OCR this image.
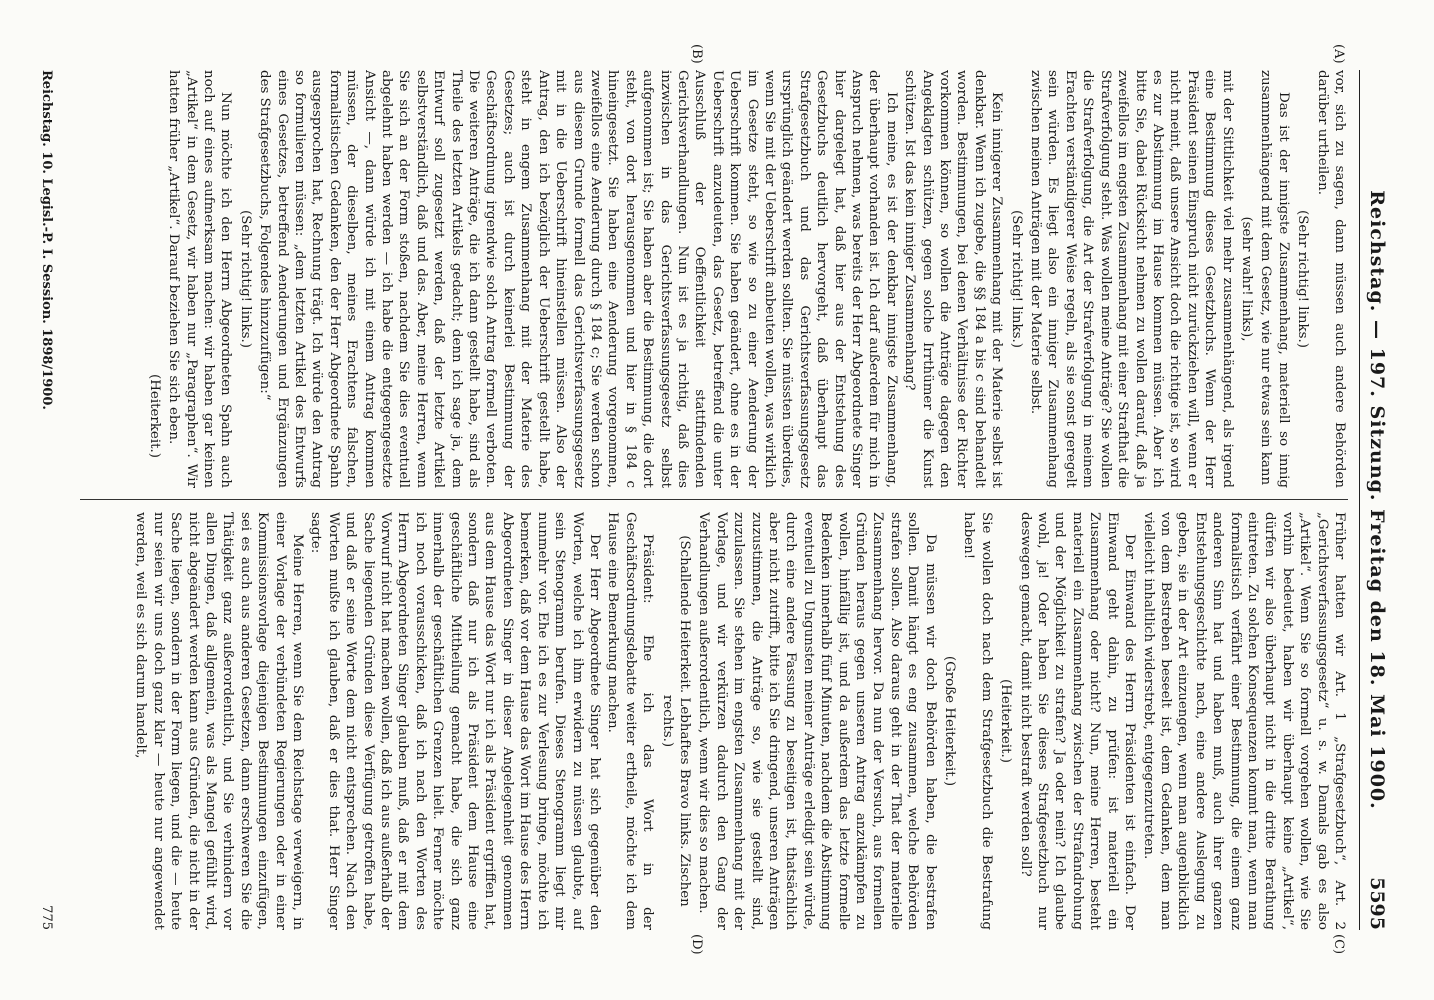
Reichstag. — 197. Sitzung. Freitag den 18. Mai 1900.
5595
(A)
(B)
(C)
(D)

vor, sich zu sagen, dann müssen auch andere Behörden darüber urtheilen.

(Sehr richtig! links.)

Das ist der innigste Zusammenhang, materiell so innig zusammenhängend mit dem Gesetz, wie nur etwas sein kann

(sehr wahr! links),

mit der Sittlichkeit viel mehr zusammenhängend, als irgend eine Bestimmung dieses Gesetzbuchs. Wenn der Herr Präsident seinen Einspruch nicht zurückziehen will, wenn er nicht meint, daß unsere Ansicht doch die richtige ist, so wird es zur Abstimmung im Hause kommen müssen. Aber ich bitte Sie, dabei Rücksicht nehmen zu wollen darauf, daß ja zweifellos im engsten Zusammenhang mit einer Strafthat die Strafverfolgung steht. Was wollen meine Anträge? Sie wollen die Strafverfolgung, die Art der Strafverfolgung in meinem Erachten verständigerer Weise regeln, als sie sonst geregelt sein würden. Es liegt also ein inniger Zusammenhang zwischen meinen Anträgen mit der Materie selbst.

(Sehr richtig! links.)

Kein innigerer Zusammenhang mit der Materie selbst ist denkbar. Wenn ich zugebe, die §§ 184 a bis c sind behandelt worden. Bestimmungen, bei denen Verhältnisse der Richter vorkommen können, so wollen die Anträge dagegen den Angeklagten schützen, gegen solche Irrthümer die Kunst schützen. Ist das kein inniger Zusammenhang?

Ich meine, es ist der denkbar innigste Zusammenhang, der überhaupt vorhanden ist. Ich darf außerdem für mich in Anspruch nehmen, was bereits der Herr Abgeordnete Singer hier dargelegt hat, daß hier aus der Entstehung des Gesetzbuchs deutlich hervorgeht, daß überhaupt das Strafgesetzbuch und das Gerichtsverfassungsgesetz ursprünglich geändert werden sollten. Sie müssten überdies, wenn Sie mit der Ueberschrift anbeuten wollen, was wirklich im Gesetze steht, so wie so zu einer Aenderung der Ueberschrift kommen. Sie haben geändert, ohne es in der Ueberschrift anzudeuten, das Gesetz, betreffend die unter Ausschluß der Oeffentlichkeit stattfindenden Gerichtsverhandlungen. Nun ist es ja richtig, daß dies inzwischen in das Gerichtsverfassungsgesetz selbst aufgenommen ist; Sie haben aber die Bestimmung, die dort steht, von dort herausgenommen und hier in § 184 c hineingesetzt. Sie haben eine Aenderung vorgenommen, zweifellos eine Aenderung durch § 184 c; Sie werden schon aus diesem Grunde formell das Gerichtsverfassungsgesetz mit in die Ueberschrift hineinstellen müssen. Also der Antrag, den ich bezüglich der Ueberschrift gestellt habe, steht in engem Zusammenhang mit der Materie des Gesetzes; auch ist durch keinerlei Bestimmung der Geschäftsordnung irgendwie solch Antrag formell verboten. Die weiteren Anträge, die ich dann gestellt habe, sind als Theile des letzten Artikels gedacht; denn ich sage ja, dem Entwurf soll zugesetzt werden, daß der letzte Artikel selbstverständlich, daß und das. Aber, meine Herren, wenn Sie sich an der Form stoßen, nachdem Sie dies eventuell abgelehnt haben werden — ich habe die entgegengesetzte Ansicht —, dann würde ich mit einem Antrag kommen müssen, der dieselben, meines Erachtens falschen, formalistischen Gedanken, den der Herr Abgeordnete Spahn ausgesprochen hat, Rechnung trägt. Ich würde den Antrag so formulieren müssen: „dem letzten Artikel des Entwurfs eines Gesetzes, betreffend Aenderungen und Ergänzungen des Strafgesetzbuchs, Folgendes hinzuzufügen:“

(Sehr richtig! links.)

Nun möchte ich den Herrn Abgeordneten Spahn auch noch auf eines aufmerksam machen: wir haben gar keinen „Artikel“ in dem Gesetz, wir haben nur „Paragraphen“. Wir hatten früher „Artikel“. Darauf beziehen Sie sich eben.

(Heiterkeit.)

Früher hatten wir Art. 1 „Strafgesetzbuch“, Art. 2 „Gerichtsverfassungsgesetz“ u. s. w. Damals gab es also „Artikel“. Wenn Sie so formell vorgehen wollen, wie Sie vorhin bedeutet, haben wir überhaupt keine „Artikel“, dürfen wir also überhaupt nicht in die dritte Berathung eintreten. Zu solchen Konsequenzen kommt man, wenn man formalistisch verfährt einer Bestimmung, die einem ganz anderen Sinn hat und haben muß, auch ihrer ganzen Entstehungsgeschichte nach, eine andere Auslegung zu geben, sie in der Art einzuengen, wenn man augenblicklich von dem Bestreben beseelt ist, dem Gedanken, dem man vielleicht inhaltlich widerstrebt, entgegenzutreten.

Der Einwand des Herrn Präsidenten ist einfach. Der Einwand geht dahin, zu prüfen: ist materiell ein Zusammenhang oder nicht? Nun, meine Herren, besteht materiell ein Zusammenhang zwischen der Strafandrohung und der Möglichkeit zu strafen? Ja oder nein? Ich glaube wohl, ja! Oder haben Sie dieses Strafgesetzbuch nur deswegen gemacht, damit nicht bestraft werden soll?

(Heiterkeit.)

Sie wollen doch nach dem Strafgesetzbuch die Bestrafung haben!

(Große Heiterkeit.)

Da müssen wir doch Behörden haben, die bestrafen sollen. Damit hängt es eng zusammen, welche Behörden strafen sollen. Also daraus geht in der That der materielle Zusammenhang hervor. Da nun der Versuch, aus formellen Gründen heraus gegen unseren Antrag anzukämpfen zu wollen, hinfällig ist, und da außerdem das letzte formelle Bedenken innerhalb fünf Minuten, nachdem die Abstimmung eventuell zu Ungunsten meiner Anträge erledigt sein würde, durch eine andere Fassung zu beseitigen ist, thatsächlich aber nicht zutrifft, bitte ich Sie dringend, unseren Anträgen zuzustimmen, die Anträge so, wie sie gestellt sind, zuzulassen. Sie stehen im engsten Zusammenhang mit der Vorlage, und wir verkürzen dadurch den Gang der Verhandlungen außerordentlich, wenn wir dies so machen.

(Schallende Heiterkeit. Lebhaftes Bravo links. Zischen rechts.)

Präsident: Ehe ich das Wort in der Geschäftsordnungsdebatte weiter ertheile, möchte ich dem Hause eine Bemerkung machen.

Der Herr Abgeordnete Singer hat sich gegenüber den Worten, welche ich ihm erwidern zu müssen glaubte, auf sein Stenogramm berufen. Dieses Stenogramm liegt mir nunmehr vor. Ehe ich es zur Verlesung bringe, möchte ich bemerken, daß vor dem Hause das Wort im Hause des Herrn Abgeordneten Singer in dieser Angelegenheit genommen aus dem Hause das Wort nur ich als Präsident ergriffen hat, sondern daß nur ich als Präsident dem Hause eine geschäftliche Mittheilung gemacht habe, die sich ganz innerhalb der geschäftlichen Grenzen hielt. Ferner möchte ich noch vorausschicken, daß ich nach den Worten des Herrn Abgeordneten Singer glauben muß, daß er mit dem Vorwurf nicht hat machen wollen, daß ich aus außerhalb der Sache liegenden Gründen diese Verfügung getroffen habe, und daß er seine Worte dem nicht entsprechen. Nach den Worten mußte ich glauben, daß er dies that. Herr Singer sagte:

Meine Herren, wenn Sie dem Reichstage verweigern, in einer Vorlage der verbündeten Regierungen oder in einer Kommissionsvorlage diejenigen Bestimmungen einzufügen, sei es auch aus anderen Gesetzen, dann erschweren Sie die Thätigkeit ganz außerordentlich, und Sie verhindern vor allen Dingen, daß allgemein, was als Mangel gefühlt wird, nicht abgeändert werden kann aus Gründen, die nicht in der Sache liegen, sondern in der Form liegen, und die — heute nur seien wir uns doch ganz klar — heute nur angewendet werden, weil es sich darum handelt,

Reichstag. 10. Legisl.-P. I. Session. 1898/1900.
775
